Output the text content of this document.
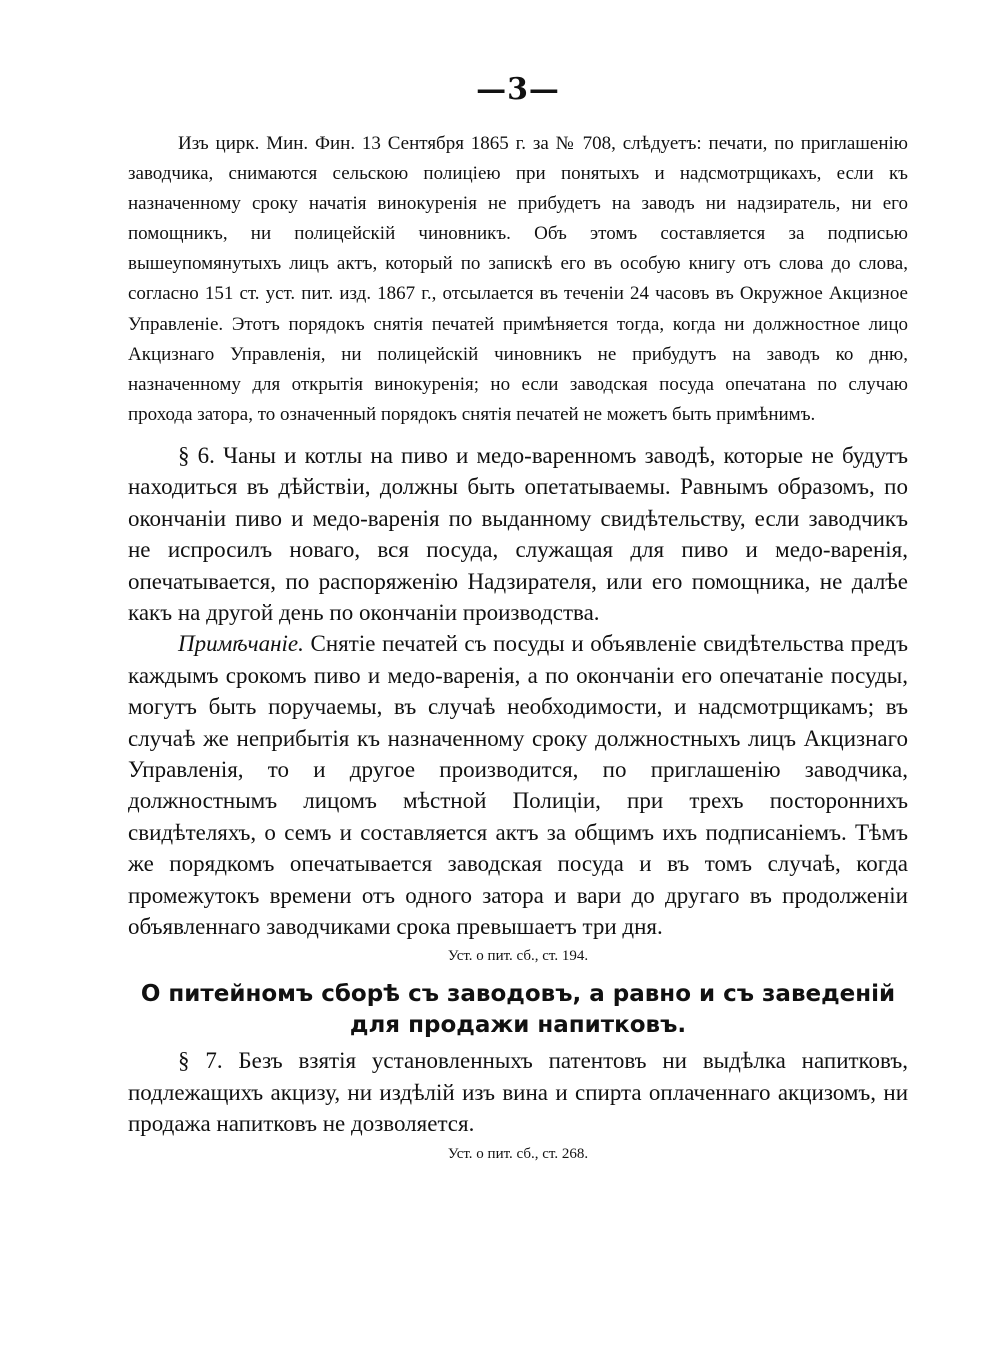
—3—

Изъ цирк. Мин. Фин. 13 Сентября 1865 г. за № 708, слѣдуетъ: печати, по приглашенію заводчика, снимаются сельскою полиціею при понятыхъ и надсмотрщикахъ, если къ назначенному сроку начатія винокуренія не прибудетъ на заводъ ни надзиратель, ни его помощникъ, ни полицейскій чиновникъ. Объ этомъ составляется за подписью вышеупомянутыхъ лицъ актъ, который по запискѣ его въ особую книгу отъ слова до слова, согласно 151 ст. уст. пит. изд. 1867 г., отсылается въ теченіи 24 часовъ въ Окружное Акцизное Управленіе. Этотъ порядокъ снятія печатей примѣняется тогда, когда ни должностное лицо Акцизнаго Управленія, ни полицейскій чиновникъ не прибудутъ на заводъ ко дню, назначенному для открытія винокуренія; но если заводская посуда опечатана по случаю прохода затора, то означенный порядокъ снятія печатей не можетъ быть примѣнимъ.

§ 6. Чаны и котлы на пиво и медо-варенномъ заводѣ, которые не будутъ находиться въ дѣйствіи, должны быть опетатываемы. Равнымъ образомъ, по окончаніи пиво и медо-варенія по выданному свидѣтельству, если заводчикъ не испросилъ новаго, вся посуда, служащая для пиво и медо-варенія, опечатывается, по распоряженію Надзирателя, или его помощника, не далѣе какъ на другой день по окончаніи производства.

Примѣчаніе. Снятіе печатей съ посуды и объявленіе свидѣтельства предъ каждымъ срокомъ пиво и медо-варенія, а по окончаніи его опечатаніе посуды, могутъ быть поручаемы, въ случаѣ необходимости, и надсмотрщикамъ; въ случаѣ же неприбытія къ назначенному сроку должностныхъ лицъ Акцизнаго Управленія, то и другое производится, по приглашенію заводчика, должностнымъ лицомъ мѣстной Полиціи, при трехъ постороннихъ свидѣтеляхъ, о семъ и составляется актъ за общимъ ихъ подписаніемъ. Тѣмъ же порядкомъ опечатывается заводская посуда и въ томъ случаѣ, когда промежутокъ времени отъ одного затора и вари до другаго въ продолженіи объявленнаго заводчиками срока превышаетъ три дня.

Уст. о пит. сб., ст. 194.
О питейномъ сборѣ съ заводовъ, а равно и съ заведеній для продажи напитковъ.

§ 7. Безъ взятія установленныхъ патентовъ ни выдѣлка напитковъ, подлежащихъ акцизу, ни издѣлій изъ вина и спирта оплаченнаго акцизомъ, ни продажа напитковъ не дозволяется.

Уст. о пит. сб., ст. 268.
